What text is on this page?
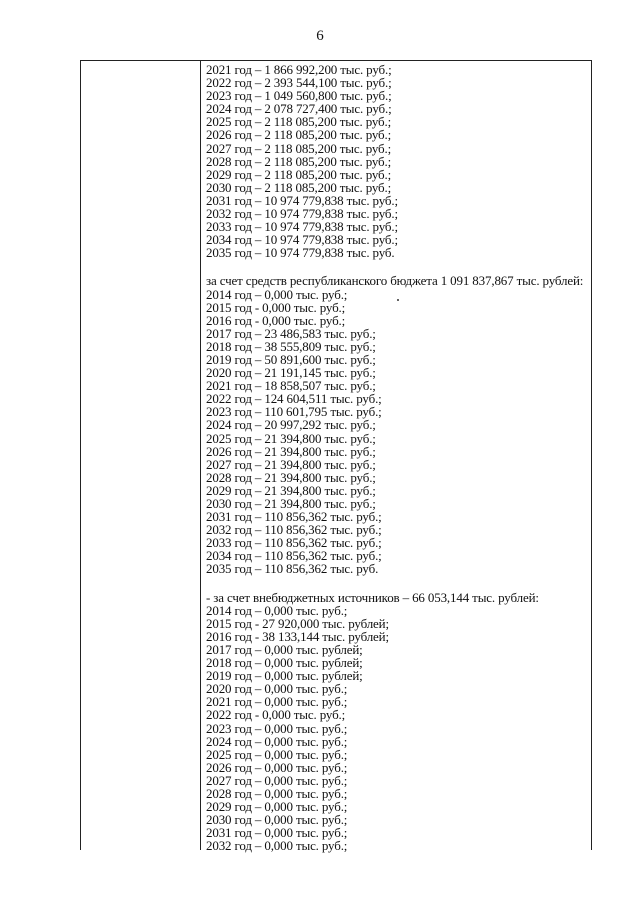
6
2021 год – 1 866 992,200 тыс. руб.;
2022 год – 2 393 544,100 тыс. руб.;
2023 год – 1 049 560,800 тыс. руб.;
2024 год – 2 078 727,400 тыс. руб.;
2025 год – 2 118 085,200 тыс. руб.;
2026 год – 2 118 085,200 тыс. руб.;
2027 год – 2 118 085,200 тыс. руб.;
2028 год – 2 118 085,200 тыс. руб.;
2029 год – 2 118 085,200 тыс. руб.;
2030 год – 2 118 085,200 тыс. руб.;
2031 год – 10 974 779,838 тыс. руб.;
2032 год – 10 974 779,838 тыс. руб.;
2033 год – 10 974 779,838 тыс. руб.;
2034 год – 10 974 779,838 тыс. руб.;
2035 год – 10 974 779,838 тыс. руб.
за счет средств республиканского бюджета 1 091 837,867 тыс. рублей:
2014 год – 0,000 тыс. руб.;
2015 год - 0,000 тыс. руб.;
2016 год - 0,000 тыс. руб.;
2017 год – 23 486,583 тыс. руб.;
2018 год – 38 555,809 тыс. руб.;
2019 год – 50 891,600 тыс. руб.;
2020 год – 21 191,145 тыс. руб.;
2021 год – 18 858,507 тыс. руб.;
2022 год – 124 604,511 тыс. руб.;
2023 год – 110 601,795 тыс. руб.;
2024 год – 20 997,292 тыс. руб.;
2025 год – 21 394,800 тыс. руб.;
2026 год – 21 394,800 тыс. руб.;
2027 год – 21 394,800 тыс. руб.;
2028 год – 21 394,800 тыс. руб.;
2029 год – 21 394,800 тыс. руб.;
2030 год – 21 394,800 тыс. руб.;
2031 год – 110 856,362 тыс. руб.;
2032 год – 110 856,362 тыс. руб.;
2033 год – 110 856,362 тыс. руб.;
2034 год – 110 856,362 тыс. руб.;
2035 год – 110 856,362 тыс. руб.
- за счет внебюджетных источников – 66 053,144 тыс. рублей:
2014 год – 0,000 тыс. руб.;
2015 год - 27 920,000 тыс. рублей;
2016 год - 38 133,144 тыс. рублей;
2017 год – 0,000 тыс. рублей;
2018 год – 0,000 тыс. рублей;
2019 год – 0,000 тыс. рублей;
2020 год – 0,000 тыс. руб.;
2021 год – 0,000 тыс. руб.;
2022 год - 0,000 тыс. руб.;
2023 год – 0,000 тыс. руб.;
2024 год – 0,000 тыс. руб.;
2025 год – 0,000 тыс. руб.;
2026 год – 0,000 тыс. руб.;
2027 год – 0,000 тыс. руб.;
2028 год – 0,000 тыс. руб.;
2029 год – 0,000 тыс. руб.;
2030 год – 0,000 тыс. руб.;
2031 год – 0,000 тыс. руб.;
2032 год – 0,000 тыс. руб.;
